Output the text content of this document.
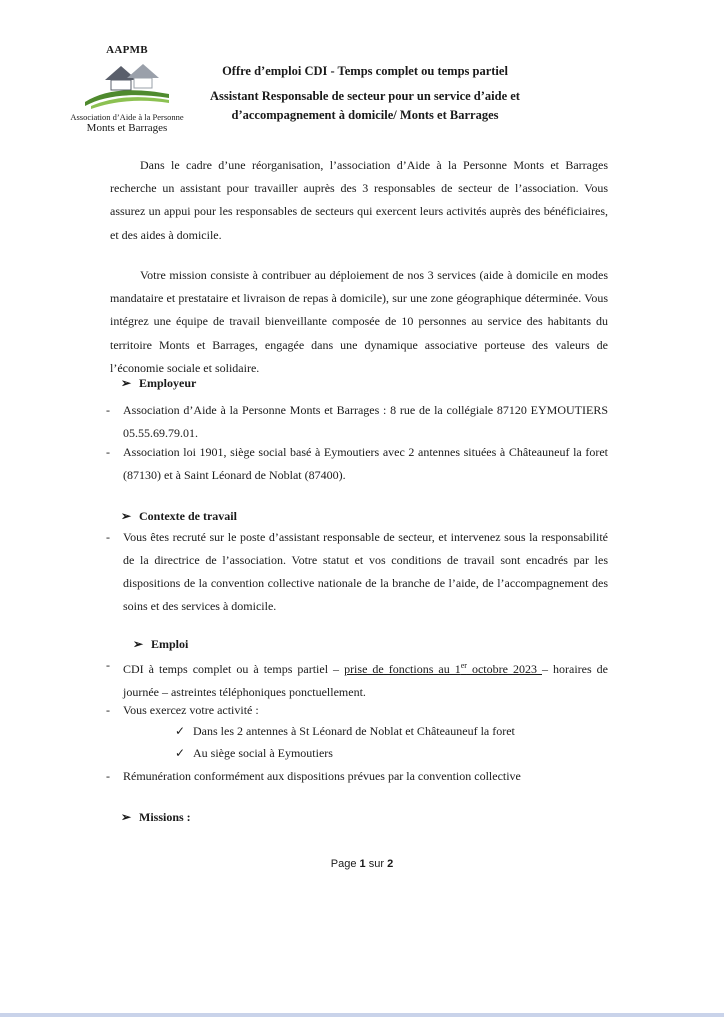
AAPMB
Association d’Aide à la Personne
Monts et Barrages
Offre d’emploi CDI - Temps complet ou temps partiel
Assistant Responsable de secteur pour un service d’aide et
d’accompagnement à domicile/ Monts et Barrages
Dans le cadre d’une réorganisation, l’association d’Aide à la Personne Monts et Barrages recherche un assistant pour travailler auprès des 3 responsables de secteur de l’association. Vous assurez un appui pour les responsables de secteurs qui exercent leurs activités auprès des bénéficiaires, et des aides à domicile.
Votre mission consiste à contribuer au déploiement de nos 3 services (aide à domicile en modes mandataire et prestataire et livraison de repas à domicile), sur une zone géographique déterminée. Vous intégrez une équipe de travail bienveillante composée de 10 personnes au service des habitants du territoire Monts et Barrages, engagée dans une dynamique associative porteuse des valeurs de l’économie sociale et solidaire.
➢ Employeur
- Association d’Aide à la Personne Monts et Barrages : 8 rue de la collégiale 87120 EYMOUTIERS 05.55.69.79.01.
- Association loi 1901, siège social basé à Eymoutiers avec 2 antennes situées à Châteauneuf la foret (87130) et à Saint Léonard de Noblat (87400).
➢ Contexte de travail
- Vous êtes recruté sur le poste d’assistant responsable de secteur, et intervenez sous la responsabilité de la directrice de l’association. Votre statut et vos conditions de travail sont encadrés par les dispositions de la convention collective nationale de la branche de l’aide, de l’accompagnement des soins et des services à domicile.
➢ Emploi
- CDI à temps complet ou à temps partiel – prise de fonctions au 1er octobre 2023 – horaires de journée – astreintes téléphoniques ponctuellement.
- Vous exercez votre activité :
✓ Dans les 2 antennes à St Léonard de Noblat et Châteauneuf la foret
✓ Au siège social à Eymoutiers
- Rémunération conformément aux dispositions prévues par la convention collective
➢ Missions :
Page 1 sur 2
